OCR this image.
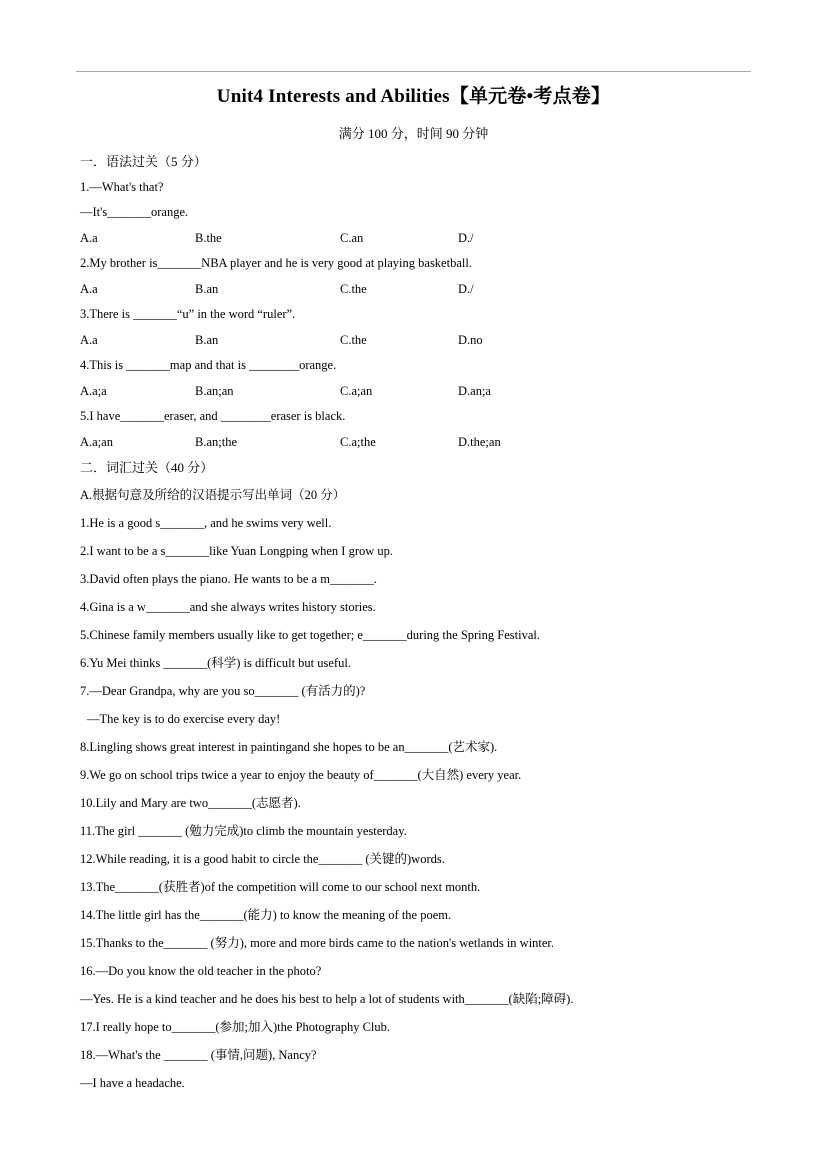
Unit4 Interests and Abilities【单元卷•考点卷】
满分 100 分，时间 90 分钟

一．语法过关（5 分）

1.—What's that?

—It's_______orange.

A.a	B.the	C.an	D./

2.My brother is_______NBA player and he is very good at playing basketball.

A.a	B.an	C.the	D./

3.There is _______“u” in the word “ruler”.

A.a	B.an	C.the	D.no

4.This is _______map and that is ________orange.

A.a;a	B.an;an	C.a;an	D.an;a

5.I have_______eraser, and ________eraser is black.

A.a;an	B.an;the	C.a;the	D.the;an

二．词汇过关（40 分）

A.根据句意及所给的汉语提示写出单词（20 分）

1.He is a good s_______, and he swims very well.

2.I want to be a s_______like Yuan Longping when I grow up.

3.David often plays the piano. He wants to be a m_______.

4.Gina is a w_______and she always writes history stories.

5.Chinese family members usually like to get together; e_______during the Spring Festival.

6.Yu Mei thinks _______(科学) is difficult but useful.

7.—Dear Grandpa, why are you so_______ (有活力的)?

—The key is to do exercise every day!

8.Lingling shows great interest in paintingand she hopes to be an_______(艺术家).

9.We go on school trips twice a year to enjoy the beauty of_______(大自然) every year.

10.Lily and Mary are two_______(志愿者).

11.The girl _______ (勉力完成)to climb the mountain yesterday.

12.While reading, it is a good habit to circle the_______ (关键的)words.

13.The_______(获胜者)of the competition will come to our school next month.

14.The little girl has the_______(能力) to know the meaning of the poem.

15.Thanks to the_______ (努力), more and more birds came to the nation's wetlands in winter.

16.—Do you know the old teacher in the photo?

—Yes. He is a kind teacher and he does his best to help a lot of students with_______(缺陷;障碍).

17.I really hope to_______(参加;加入)the Photography Club.

18.—What's the _______ (事情,问题), Nancy?

—I have a headache.
